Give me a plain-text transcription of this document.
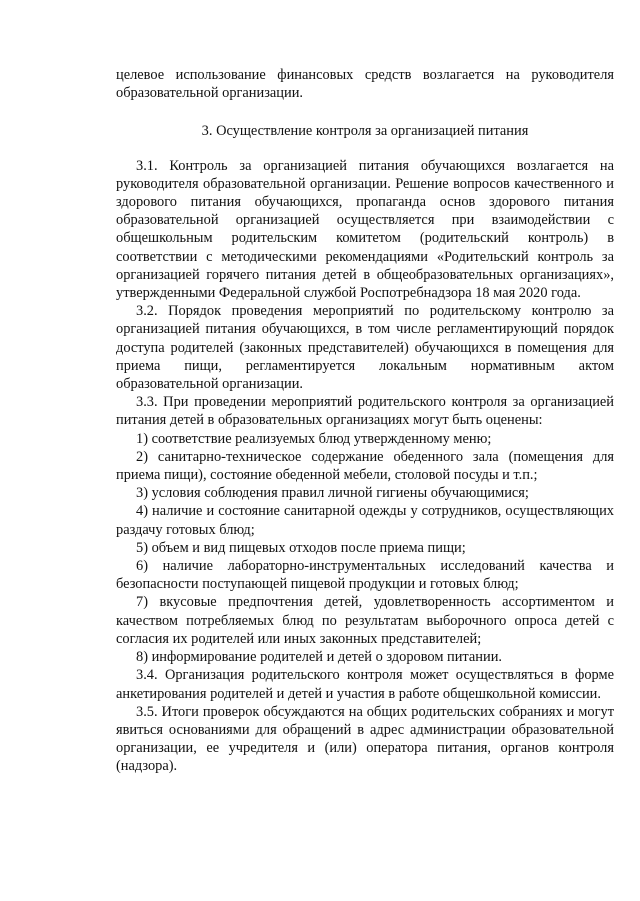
целевое использование финансовых средств возлагается на руководителя образовательной организации.

3. Осуществление контроля за организацией питания

3.1. Контроль за организацией питания обучающихся возлагается на руководителя образовательной организации. Решение вопросов качественного и здорового питания обучающихся, пропаганда основ здорового питания образовательной организацией осуществляется при взаимодействии с общешкольным родительским комитетом (родительский контроль) в соответствии с методическими рекомендациями «Родительский контроль за организацией горячего питания детей в общеобразовательных организациях», утвержденными Федеральной службой Роспотребнадзора 18 мая 2020 года.

3.2. Порядок проведения мероприятий по родительскому контролю за организацией питания обучающихся, в том числе регламентирующий порядок доступа родителей (законных представителей) обучающихся в помещения для приема пищи, регламентируется локальным нормативным актом образовательной организации.

3.3. При проведении мероприятий родительского контроля за организацией питания детей в образовательных организациях могут быть оценены:

1) соответствие реализуемых блюд утвержденному меню;

2) санитарно-техническое содержание обеденного зала (помещения для приема пищи), состояние обеденной мебели, столовой посуды и т.п.;

3) условия соблюдения правил личной гигиены обучающимися;

4) наличие и состояние санитарной одежды у сотрудников, осуществляющих раздачу готовых блюд;

5) объем и вид пищевых отходов после приема пищи;

6) наличие лабораторно-инструментальных исследований качества и безопасности поступающей пищевой продукции и готовых блюд;

7) вкусовые предпочтения детей, удовлетворенность ассортиментом и качеством потребляемых блюд по результатам выборочного опроса детей с согласия их родителей или иных законных представителей;

8) информирование родителей и детей о здоровом питании.

3.4. Организация родительского контроля может осуществляться в форме анкетирования родителей и детей и участия в работе общешкольной комиссии.

3.5. Итоги проверок обсуждаются на общих родительских собраниях и могут явиться основаниями для обращений в адрес администрации образовательной организации, ее учредителя и (или) оператора питания, органов контроля (надзора).
